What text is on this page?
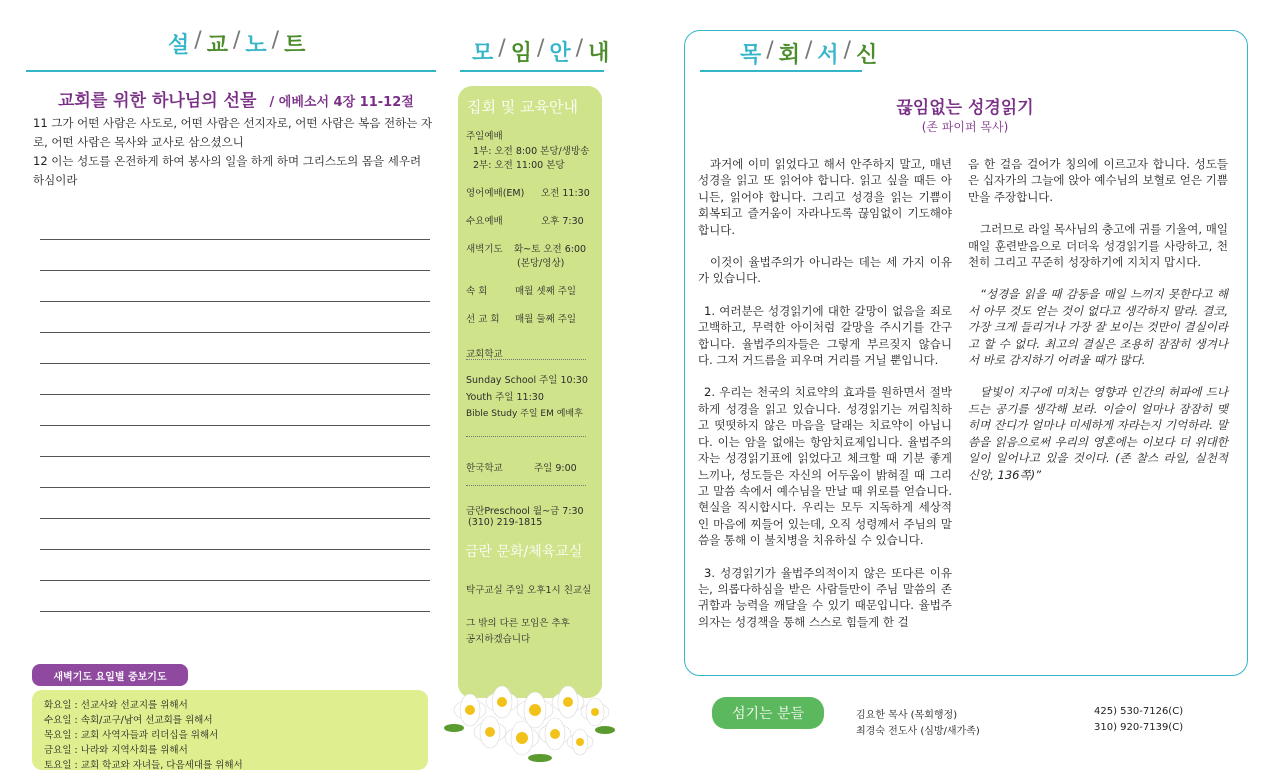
설 / 교 / 노 / 트
교회를 위한 하나님의 선물 / 에베소서 4장 11-12절
11 그가 어떤 사람은 사도로, 어떤 사람은 선지자로, 어떤 사람은 복음 전하는 자로, 어떤 사람은 목사와 교사로 삼으셨으니
12 이는 성도를 온전하게 하여 봉사의 일을 하게 하며 그리스도의 몸을 세우려 하심이라
새벽기도 요일별 중보기도
화요일 : 선교사와 선교지를 위해서
수요일 : 속회/교구/남여 선교회를 위해서
목요일 : 교회 사역자들과 리더십을 위해서
금요일 : 나라와 지역사회를 위해서
토요일 : 교회 학교와 자녀들, 다음세대를 위해서
모 / 임 / 안 / 내
집회 및 교육안내
주일예배
1부: 오전 8:00 본당/생방송
2부: 오전 11:00 본당
영어예배(EM) 오전 11:30
수요예배	오후 7:30
새벽기도 화~토 오전 6:00
(본당/영상)
속 회	매월 셋째 주일
선 교 회 매월 둘째 주일
교회학교
Sunday School 주일 10:30
Youth 주일 11:30
Bible Study 주일 EM 예배후
한국학교	주일 9:00
금란Preschool 월~금 7:30
(310) 219-1815
금란 문화/체육교실
탁구교실 주일 오후1시 친교실
그 밖의 다른 모임은 추후
공지하겠습니다
목 / 회 / 서 / 신
끊임없는 성경읽기
(존 파이퍼 목사)

과거에 이미 읽었다고 해서 안주하지 말고, 매년 성경을 읽고 또 읽어야 합니다. 읽고 싶을 때든 아니든, 읽어야 합니다. 그리고 성경을 읽는 기쁨이 회복되고 즐거움이 자라나도록 끊임없이 기도해야 합니다.

이것이 율법주의가 아니라는 데는 세 가지 이유가 있습니다.

1. 여러분은 성경읽기에 대한 갈망이 없음을 죄로 고백하고, 무력한 아이처럼 갈망을 주시기를 간구합니다. 율법주의자들은 그렇게 부르짖지 않습니다. 그저 거드름을 피우며 거리를 거닐 뿐입니다.

2. 우리는 천국의 치료약의 효과를 원하면서 절박하게 성경을 읽고 있습니다. 성경읽기는 꺼림칙하고 떳떳하지 않은 마음을 달래는 치료약이 아닙니다. 이는 암을 없애는 항암치료제입니다. 율법주의자는 성경읽기표에 읽었다고 체크할 때 기분 좋게 느끼나, 성도들은 자신의 어두움이 밝혀질 때 그리고 말씀 속에서 예수님을 만날 때 위로를 얻습니다. 현실을 직시합시다. 우리는 모두 지독하게 세상적인 마음에 찌들어 있는데, 오직 성령께서 주님의 말씀을 통해 이 불치병을 치유하실 수 있습니다.

3. 성경읽기가 율법주의적이지 않은 또다른 이유는, 의롭다하심을 받은 사람들만이 주님 말씀의 존귀함과 능력을 깨달을 수 있기 때문입니다. 율법주의자는 성경책을 통해 스스로 힘들게 한 걸

음 한 걸음 걸어가 칭의에 이르고자 합니다. 성도들은 십자가의 그늘에 앉아 예수님의 보혈로 얻은 기쁨만을 주장합니다.

그러므로 라일 목사님의 충고에 귀를 기울여, 매일매일 훈련받음으로 더더욱 성경읽기를 사랑하고, 천천히 그리고 꾸준히 성장하기에 지치지 맙시다.

“성경을 읽을 때 감동을 매일 느끼지 못한다고 해서 아무 것도 얻는 것이 없다고 생각하지 말라. 결코, 가장 크게 들리거나 가장 잘 보이는 것만이 결실이라고 할 수 없다. 최고의 결실은 조용히 잠잠히 생겨나서 바로 감지하기 어려울 때가 많다.

달빛이 지구에 미치는 영향과 인간의 허파에 드나드는 공기를 생각해 보라. 이슬이 얼마나 잠잠히 맺히며 잔디가 얼마나 미세하게 자라는지 기억하라. 말씀을 읽음으로써 우리의 영혼에는 이보다 더 위대한 일이 일어나고 있을 것이다. (존 찰스 라일, 실천적 신앙, 136쪽)”

섬기는 분들	김요한 목사 (목회행정)	425) 530-7126(C)
최경숙 전도사 (심방/새가족)	310) 920-7139(C)
